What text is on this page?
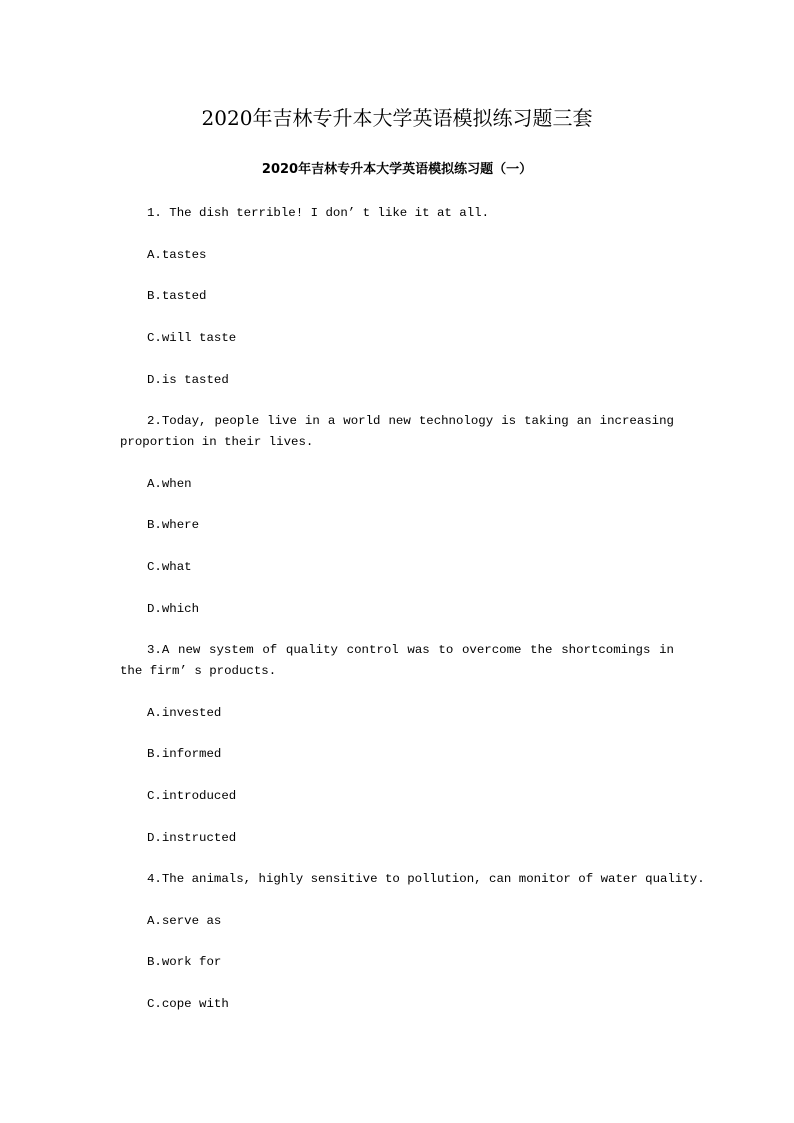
2020年吉林专升本大学英语模拟练习题三套
2020年吉林专升本大学英语模拟练习题（一）
1. The dish terrible! I don’ t like it at all.
A.tastes
B.tasted
C.will taste
D.is tasted

2.Today, people live in a world new technology is taking an increasing proportion in their lives.

A.when
B.where
C.what
D.which

3.A new system of quality control was to overcome the shortcomings in the firm’ s products.

A.invested
B.informed
C.introduced
D.instructed
4.The animals, highly sensitive to pollution, can monitor of water quality.
A.serve as
B.work for
C.cope with
